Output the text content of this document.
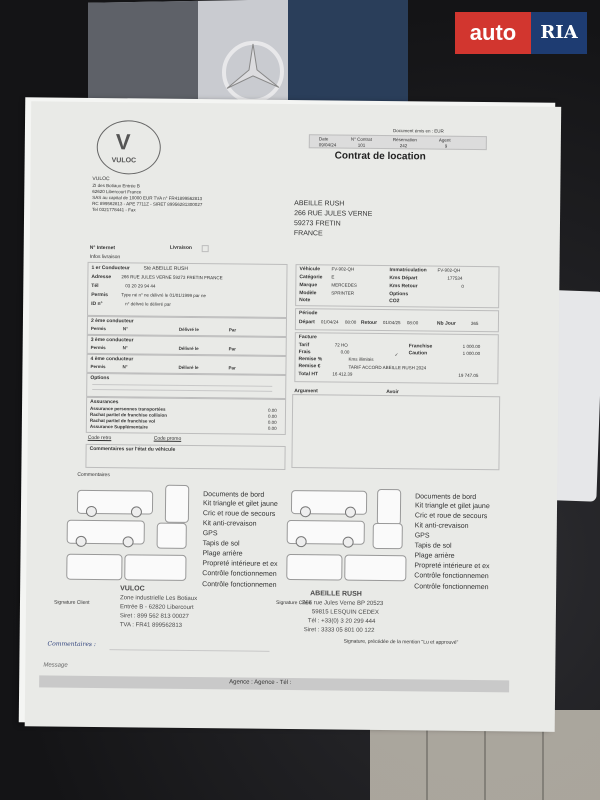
auto	RIA
V
VULOC
VULOC
ZI des Botiaux Entrée B
62620 Libercourt France
SAS au capital de 10000 EUR TVA n° FR41899562813
RC 899562813 - APE 7711Z - SIRET 89956281300027
Tel 0321778441 - Fax
Document émis en : EUR
Date	N° Contrat	Réservation	Agent
09/04/24	101	242	9
Contrat de location
ABEILLE RUSH
266 RUE JULES VERNE
59273 FRETIN
FRANCE
N° Internet	Livraison
Infos livraison
1 er Conducteur	Sté ABEILLE RUSH
Adresse 266 RUE JULES VERNE 59273 FRETIN FRANCE
Tél	03 20 29 94 44
Permis	Type né n° ne délivré le 01/01/1999 par ne
ID n°	n° délivré le délivré par
2 ème conducteur
Permis	N°	Délivré le	Par
3 ème conducteur
Permis	N°	Délivré le	Par
4 ème conducteur
Permis	N°	Délivré le	Par
Options
Assurances
Assurance personnes transportées	0.00
Rachat partiel de franchise collision	0.00
Rachat partiel de franchise vol	0.00
Assurance Supplémentaire	0.00
Code retro	Code promo
Commentaires sur l'état du véhicule
Véhicule	FV-902-QH
Catégorie E
Marque	MERCEDES
Modèle	SPRINTER
Note
Immatriculation FV-902-QH
Kms Départ	177534
Kms Retour	0
Options
CO2
Période
Départ 01/04/24 08:00 Retour 01/04/25 08:00	Nb Jour	365
Facture
Tarif	72 HO
Frais	0.00
Remise %
Remise €
Total HT	16 412.39
Franchise	1 000.00
Caution	1 000.00
Kms illimités
✓
TARIF ACCORD ABEILLE RUSH 2024
19 747.05
Argument	Avoir
Commentaires
Documents de bord
Kit triangle et gilet jaune
Cric et roue de secours
Kit anti-crevaison
GPS
Tapis de sol
Plage arrière
Propreté intérieure et ex
Contrôle fonctionnemen
Contrôle fonctionnemen
Documents de bord
Kit triangle et gilet jaune
Cric et roue de secours
Kit anti-crevaison
GPS
Tapis de sol
Plage arrière
Propreté intérieure et ex
Contrôle fonctionnemen
Contrôle fonctionnemen
Signature Client
VULOC
Zone industrielle Les Botiaux
Entrée B - 62820 Libercourt
Siret : 899 562 813 00027
TVA : FR41 899562813
Signature Client
ABEILLE RUSH
266 rue Jules Verne BP 20523
59815 LESQUIN CEDEX
Tél : +33(0) 3 20 299 444
Siret : 3333 05 801 00 122
Signature, précédée de la mention "Lu et approuvé"
Commentaires :
Message
Agence : Agence - Tél :
